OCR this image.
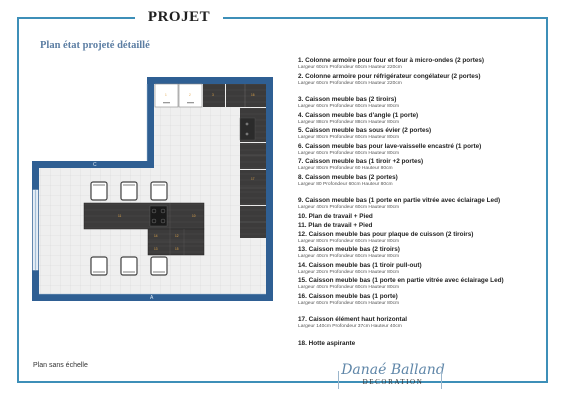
PROJET
Plan état projeté détaillé
A
C
D
1	2	3	16
17
14	12
11
13	15
10
Plan sans échelle
1. Colonne armoire pour four et four à micro-ondes (2 portes)
Largeur 60cm Profondeur 60cm Hauteur 220cm
2. Colonne armoire pour réfrigérateur congélateur (2 portes)
Largeur 60cm Profondeur 60cm Hauteur 220cm
3. Caisson meuble bas (2 tiroirs)
Largeur 60cm Profondeur 60cm Hauteur 80cm
4. Caisson meuble bas d'angle (1 porte)
Largeur 88cm Profondeur 88cm Hauteur 80cm
5. Caisson meuble bas sous évier (2 portes)
Largeur 80cm Profondeur 60cm Hauteur 80cm
6. Caisson meuble bas pour lave-vaisselle encastré (1 porte)
Largeur 60cm Profondeur 60cm Hauteur 80cm
7. Caisson meuble bas (1 tiroir +2 portes)
Largeur 80cm Profondeur 60 Hauteur 80cm
8. Caisson meuble bas (2 portes)
Largeur 80 Profondeur 60cm Hauteur 80cm
9. Caisson meuble bas (1 porte en partie vitrée avec éclairage Led)
Largeur 40cm Profondeur 60cm Hauteur 80cm
10. Plan de travail + Pied
11. Plan de travail + Pied
12. Caisson meuble bas pour plaque de cuisson (2 tiroirs)
Largeur 80cm Profondeur 60cm Hauteur 80cm
13. Caisson meuble bas (2 tiroirs)
Largeur 40cm Profondeur 60cm Hauteur 80cm
14. Caisson meuble bas (1 tiroir pull-out)
Largeur 20cm Profondeur 60cm Hauteur 80cm
15. Caisson meuble bas (1 porte en partie vitrée avec éclairage Led)
Largeur 40cm Profondeur 60cm Hauteur 80cm
16. Caisson meuble bas (1 porte)
Largeur 60cm Profondeur 60cm Hauteur 80cm
17. Caisson élément haut horizontal
Largeur 140cm Profondeur 37cm Hauteur 40cm
18. Hotte aspirante
Danaé Balland
DECORATION
